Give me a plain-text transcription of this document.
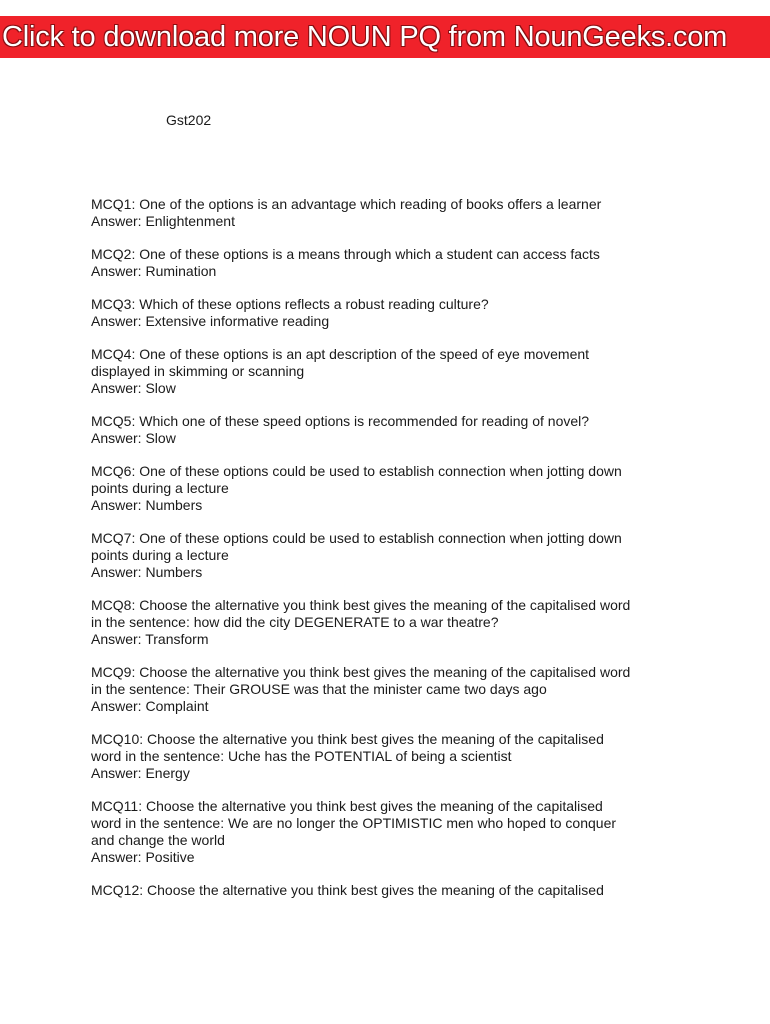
Click to download more NOUN PQ from NounGeeks.com
Gst202
MCQ1: One of the options is an advantage which reading of books offers a learner
Answer: Enlightenment
MCQ2: One of these options is a means through which a student can access facts
Answer: Rumination
MCQ3: Which of these options reflects a robust reading culture?
Answer: Extensive informative reading
MCQ4: One of these options is an apt description of the speed of eye movement
displayed in skimming or scanning
Answer: Slow
MCQ5: Which one of these speed options is recommended for reading of novel?
Answer: Slow
MCQ6: One of these options could be used to establish connection when jotting down
points during a lecture
Answer: Numbers
MCQ7: One of these options could be used to establish connection when jotting down
points during a lecture
Answer: Numbers
MCQ8: Choose the alternative you think best gives the meaning of the capitalised word
in the sentence: how did the city DEGENERATE to a war theatre?
Answer: Transform
MCQ9: Choose the alternative you think best gives the meaning of the capitalised word
in the sentence: Their GROUSE was that the minister came two days ago
Answer: Complaint
MCQ10: Choose the alternative you think best gives the meaning of the capitalised
word in the sentence: Uche has the POTENTIAL of being a scientist
Answer: Energy
MCQ11: Choose the alternative you think best gives the meaning of the capitalised
word in the sentence: We are no longer the OPTIMISTIC men who hoped to conquer
and change the world
Answer: Positive
MCQ12: Choose the alternative you think best gives the meaning of the capitalised
